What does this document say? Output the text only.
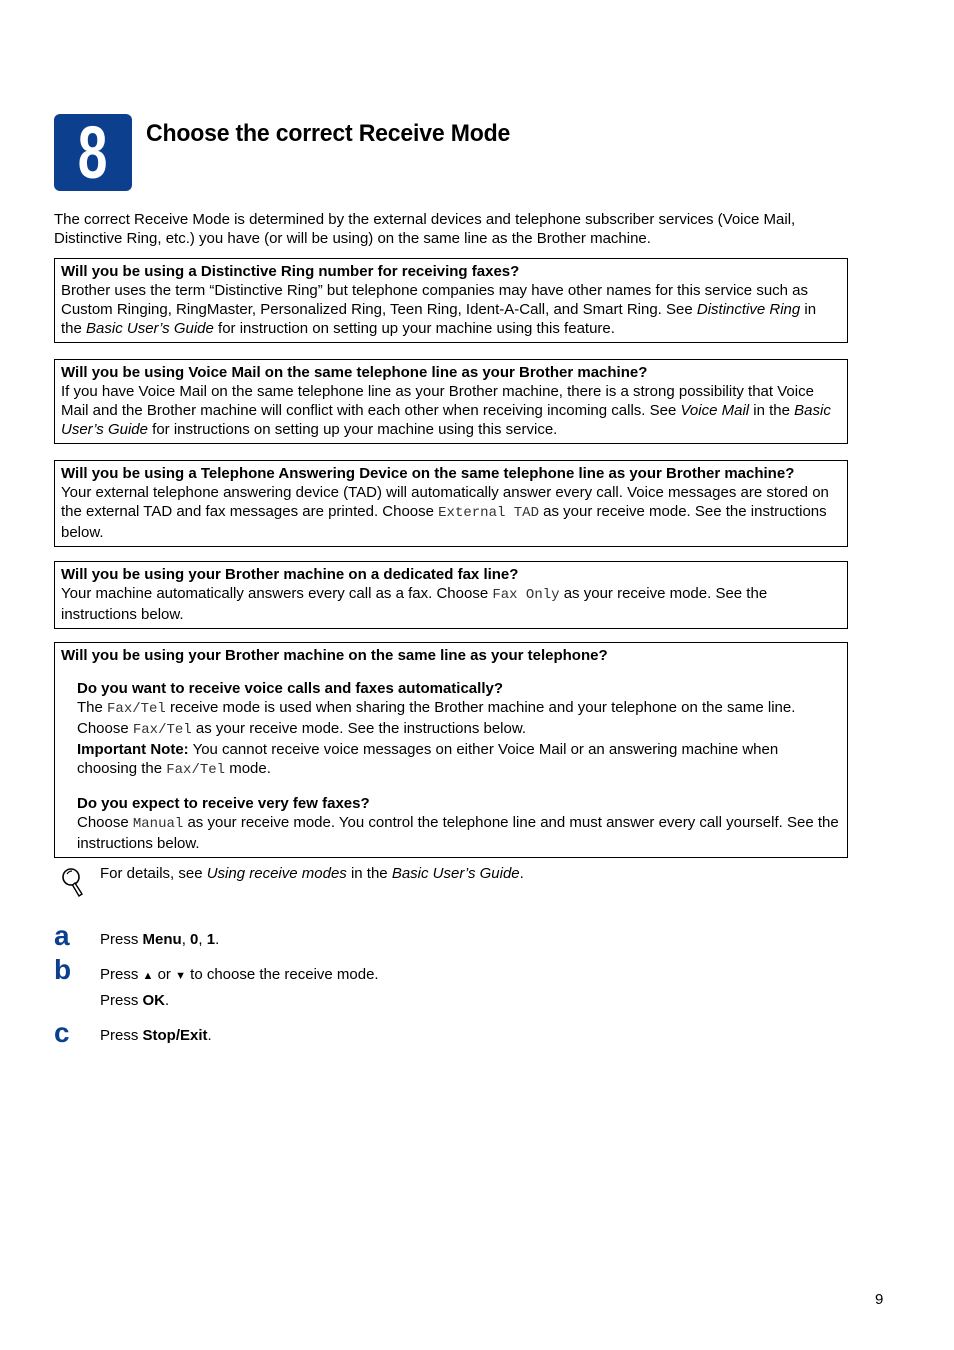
8	Choose the correct Receive Mode

The correct Receive Mode is determined by the external devices and telephone subscriber services (Voice Mail, Distinctive Ring, etc.) you have (or will be using) on the same line as the Brother machine.

Will you be using a Distinctive Ring number for receiving faxes?

Brother uses the term “Distinctive Ring” but telephone companies may have other names for this service such as Custom Ringing, RingMaster, Personalized Ring, Teen Ring, Ident-A-Call, and Smart Ring. See Distinctive Ring in the Basic User’s Guide for instruction on setting up your machine using this feature.

Will you be using Voice Mail on the same telephone line as your Brother machine?

If you have Voice Mail on the same telephone line as your Brother machine, there is a strong possibility that Voice Mail and the Brother machine will conflict with each other when receiving incoming calls. See Voice Mail in the Basic User’s Guide for instructions on setting up your machine using this service.

Will you be using a Telephone Answering Device on the same telephone line as your Brother machine?

Your external telephone answering device (TAD) will automatically answer every call. Voice messages are stored on the external TAD and fax messages are printed. Choose External TAD as your receive mode. See the instructions below.

Will you be using your Brother machine on a dedicated fax line?

Your machine automatically answers every call as a fax. Choose Fax Only as your receive mode. See the instructions below.

Will you be using your Brother machine on the same line as your telephone?

Do you want to receive voice calls and faxes automatically?

The Fax/Tel receive mode is used when sharing the Brother machine and your telephone on the same line. Choose Fax/Tel as your receive mode. See the instructions below.

Important Note: You cannot receive voice messages on either Voice Mail or an answering machine when choosing the Fax/Tel mode.

Do you expect to receive very few faxes?

Choose Manual as your receive mode. You control the telephone line and must answer every call yourself. See the instructions below.

For details, see Using receive modes in the Basic User’s Guide.

a Press Menu, 0, 1.

b Press ▲ or ▼ to choose the receive mode.

Press OK.

c Press Stop/Exit.

9
